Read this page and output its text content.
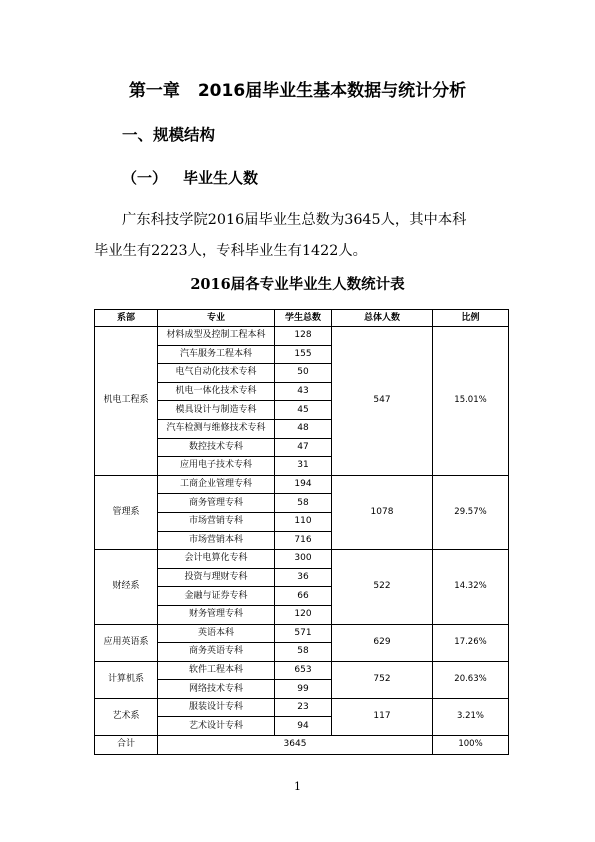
第一章 2016届毕业生基本数据与统计分析
一、规模结构
（一） 毕业生人数
广东科技学院2016届毕业生总数为3645人，其中本科
毕业生有2223人，专科毕业生有1422人。
2016届各专业毕业生人数统计表
系部	专业	学生总数	总体人数	比例
机电工程系	材料成型及控制工程本科	128	547	15.01%
	汽车服务工程本科	155		
	电气自动化技术专科	50		
	机电一体化技术专科	43		
	模具设计与制造专科	45		
	汽车检测与维修技术专科	48		
	数控技术专科	47		
	应用电子技术专科	31		
管理系	工商企业管理专科	194	1078	29.57%
	商务管理专科	58		
	市场营销专科	110		
	市场营销本科	716		
财经系	会计电算化专科	300	522	14.32%
	投资与理财专科	36		
	金融与证券专科	66		
	财务管理专科	120		
应用英语系	英语本科	571	629	17.26%
	商务英语专科	58		
计算机系	软件工程本科	653	752	20.63%
	网络技术专科	99		
艺术系	服装设计专科	23	117	3.21%
	艺术设计专科	94		
合计	3645			100%
1
